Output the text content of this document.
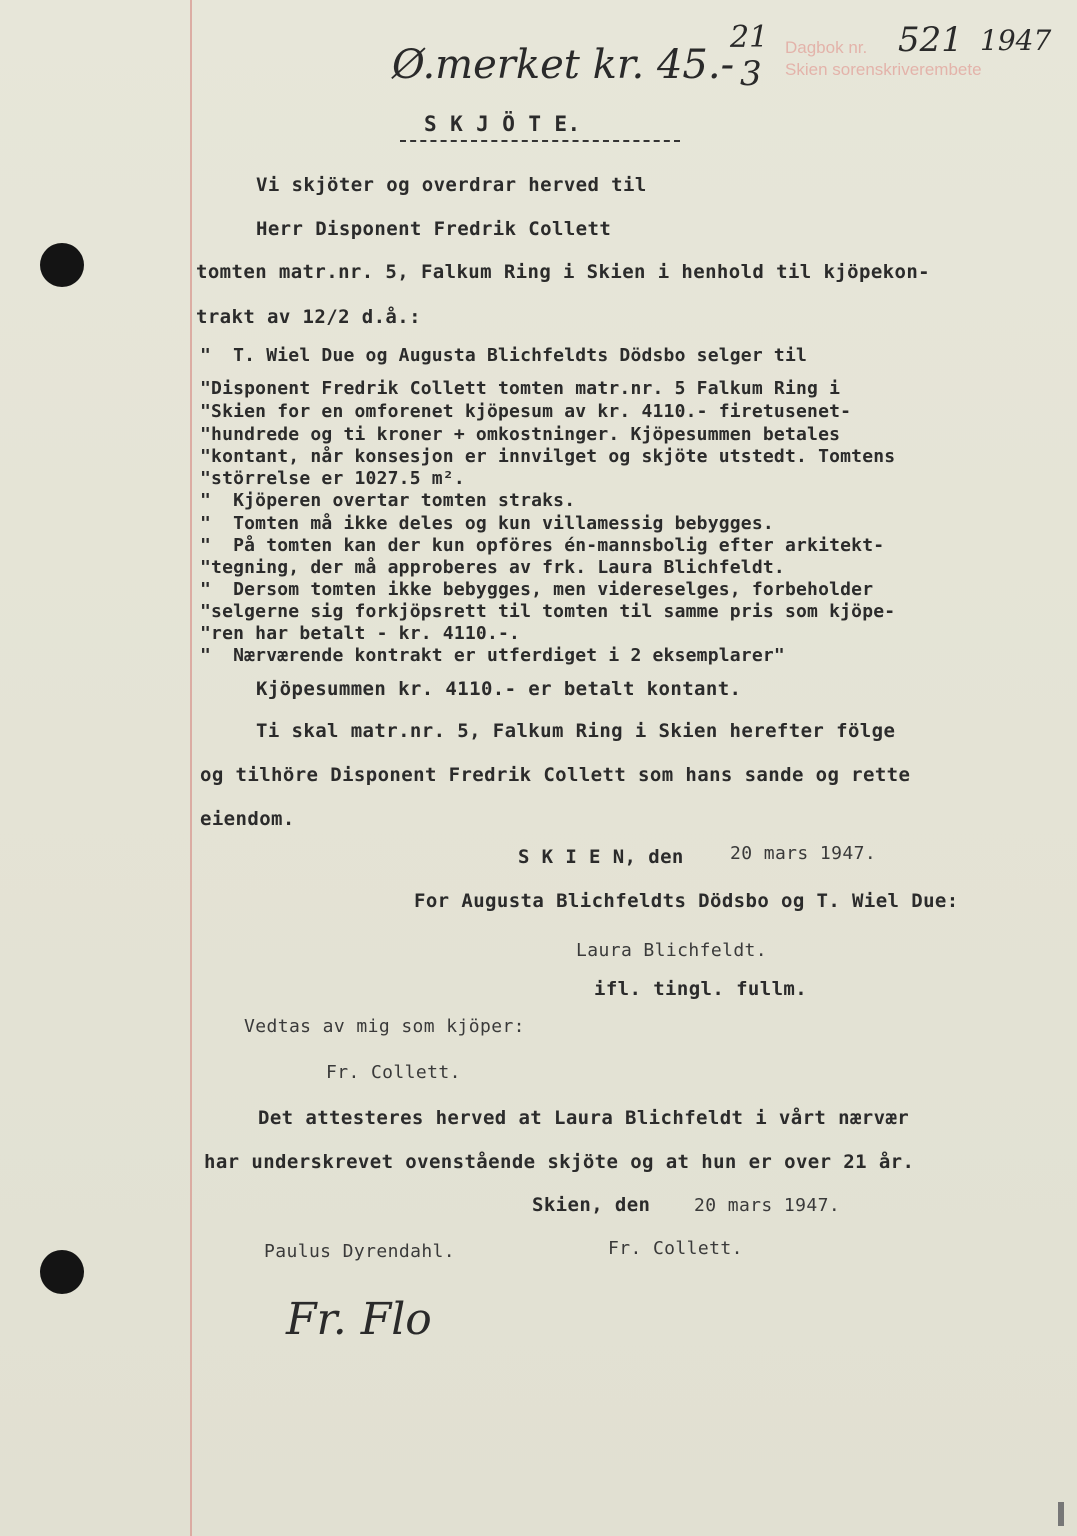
Ø.merket kr. 45.-
21
3
Dagbok nr.
Skien sorenskriverembete
521 1947
S K J Ö T E.
Vi skjöter og overdrar herved til
Herr Disponent Fredrik Collett
tomten matr.nr. 5, Falkum Ring i Skien i henhold til kjöpekon-
trakt av 12/2 d.å.:
"  T. Wiel Due og Augusta Blichfeldts Dödsbo selger til
"Disponent Fredrik Collett tomten matr.nr. 5 Falkum Ring i
"Skien for en omforenet kjöpesum av kr. 4110.- firetusenet-
"hundrede og ti kroner + omkostninger. Kjöpesummen betales
"kontant, når konsesjon er innvilget og skjöte utstedt. Tomtens
"störrelse er 1027.5 m².
"  Kjöperen overtar tomten straks.
"  Tomten må ikke deles og kun villamessig bebygges.
"  På tomten kan der kun opföres én-mannsbolig efter arkitekt-
"tegning, der må approberes av frk. Laura Blichfeldt.
"  Dersom tomten ikke bebygges, men videreselges, forbeholder
"selgerne sig forkjöpsrett til tomten til samme pris som kjöpe-
"ren har betalt - kr. 4110.-.
"  Nærværende kontrakt er utferdiget i 2 eksemplarer"
Kjöpesummen kr. 4110.- er betalt kontant.
Ti skal matr.nr. 5, Falkum Ring i Skien herefter fölge
og tilhöre Disponent Fredrik Collett som hans sande og rette
eiendom.
S K I E N, den	20 mars 1947.
For Augusta Blichfeldts Dödsbo og T. Wiel Due:
Laura Blichfeldt.
ifl. tingl. fullm.
Vedtas av mig som kjöper:
Fr. Collett.
Det attesteres herved at Laura Blichfeldt i vårt nærvær
har underskrevet ovenstående skjöte og at hun er over 21 år.
Skien, den 20 mars 1947.
Paulus Dyrendahl.	Fr. Collett.
Fr. Flo
